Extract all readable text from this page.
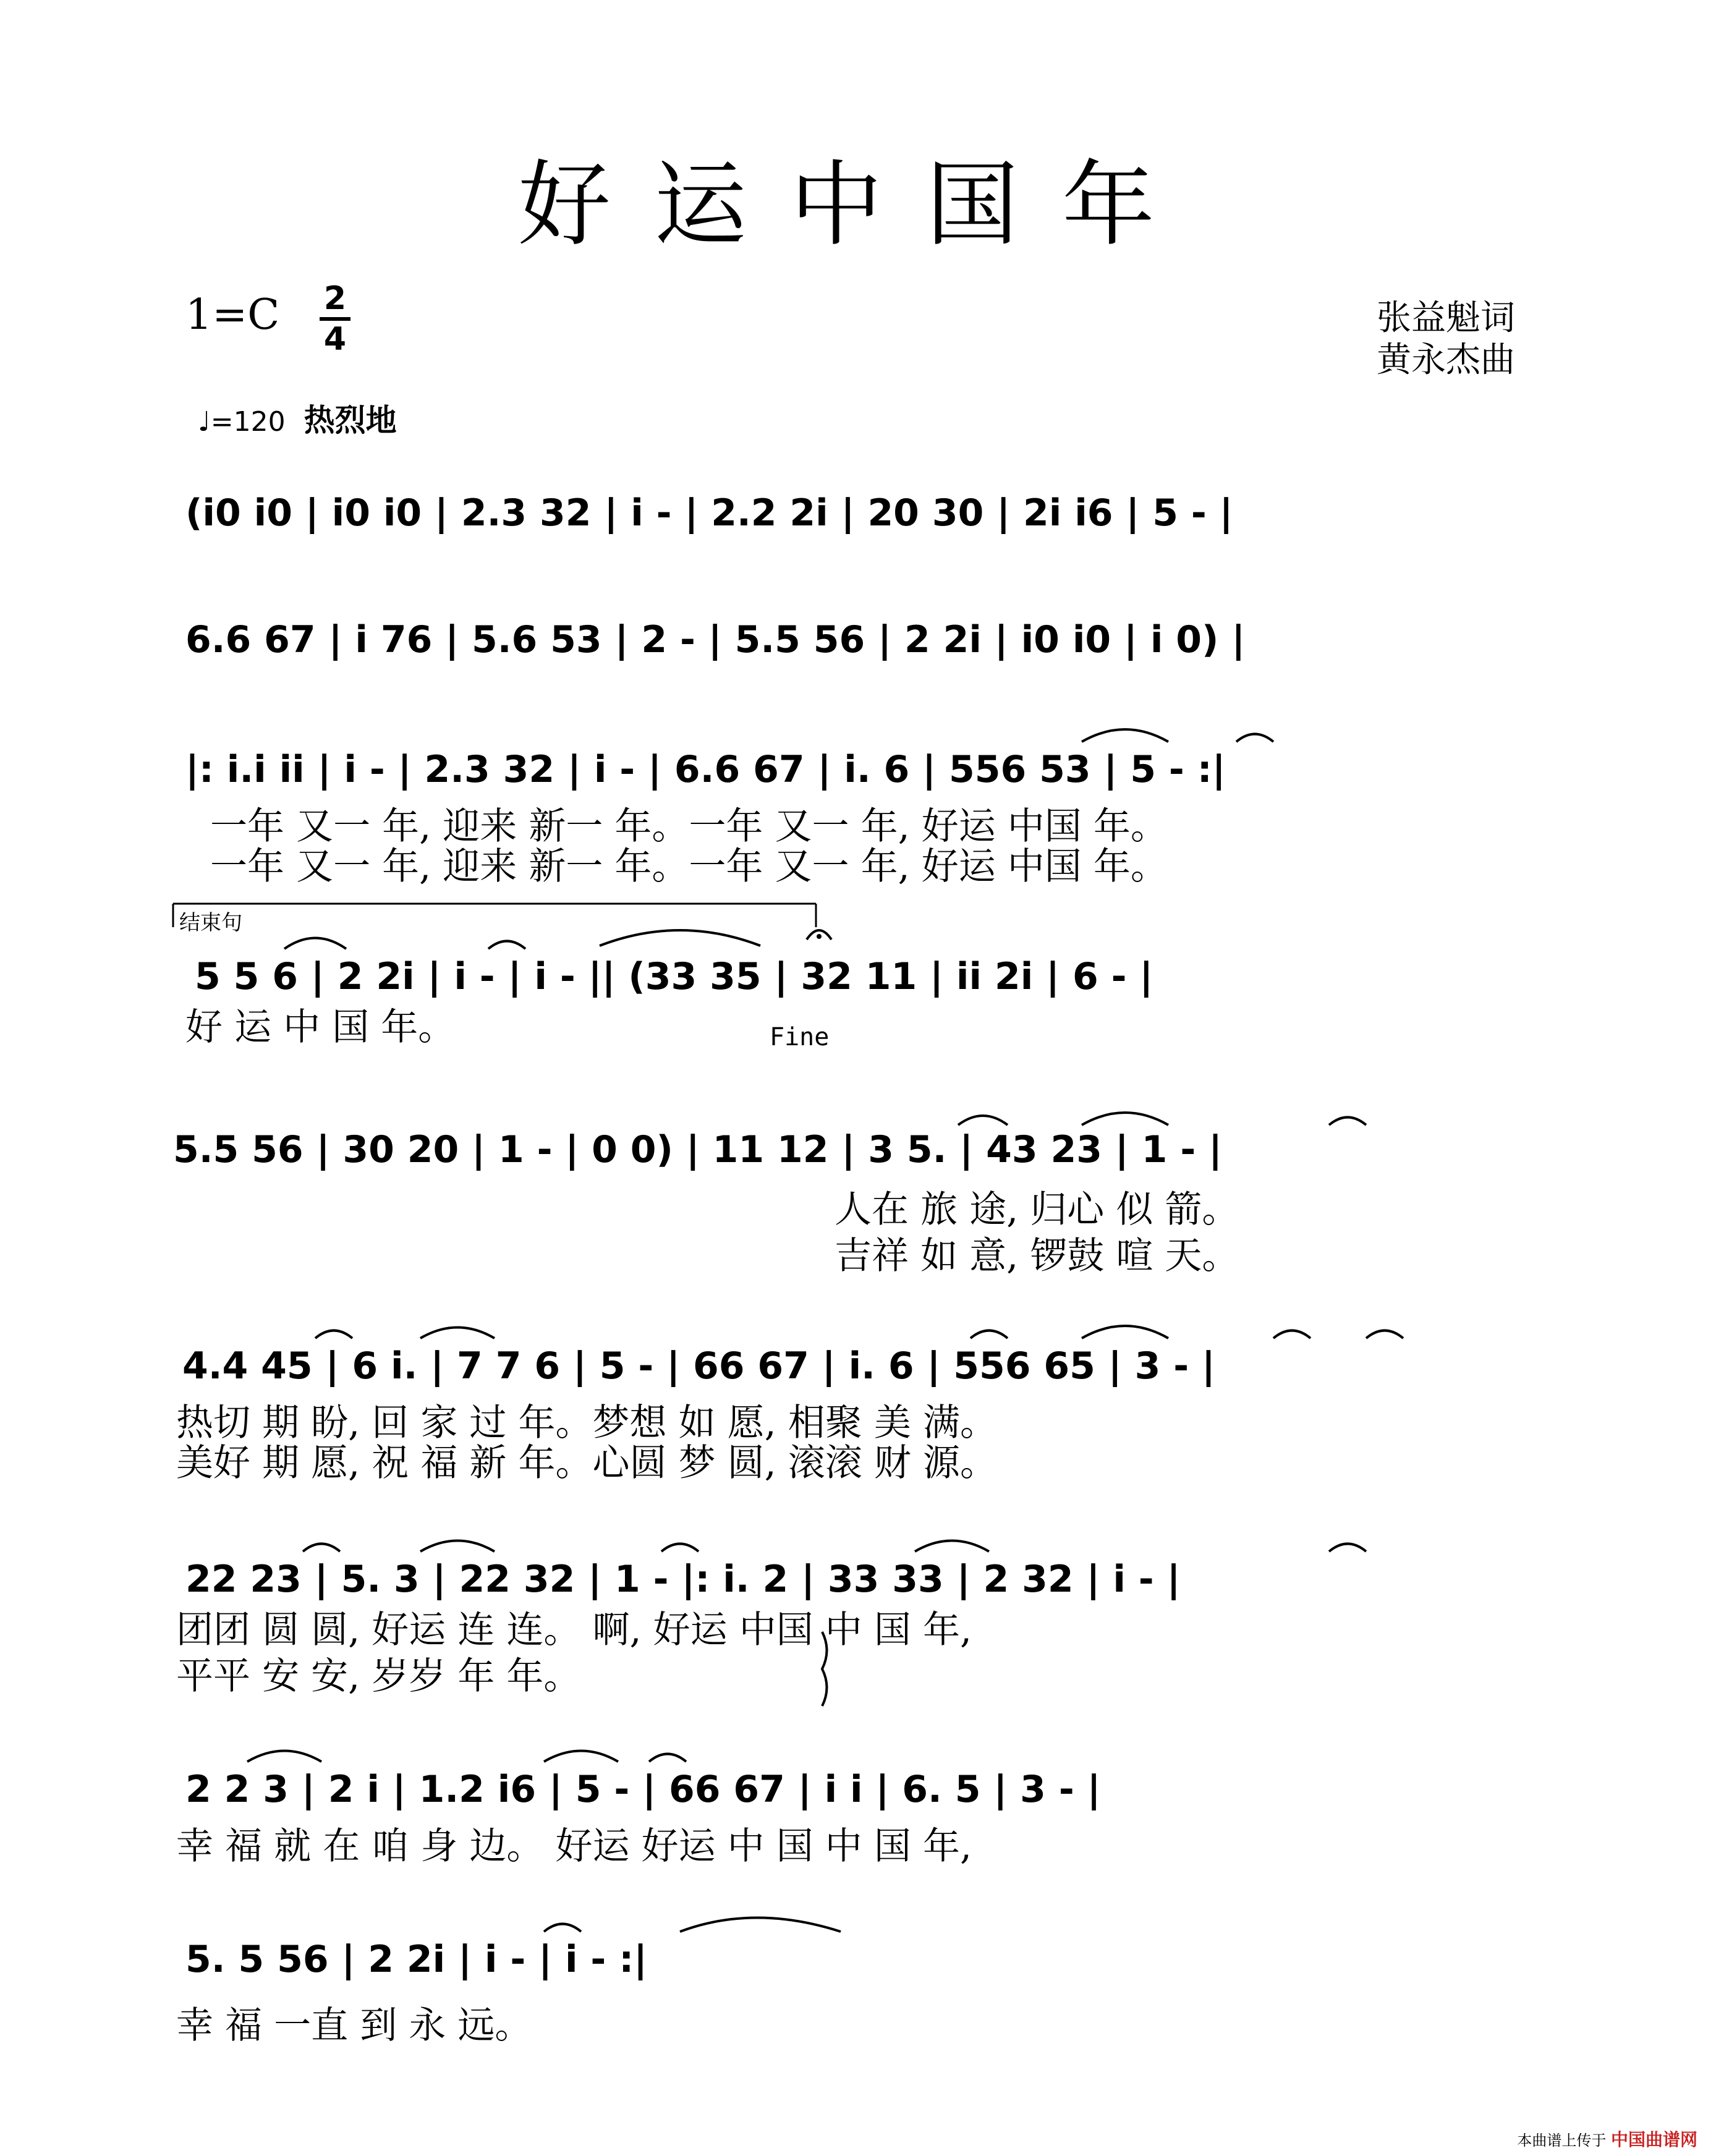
好运中国年
1=C 2
4
张益魁词
黄永杰曲
♩=120 热烈地
(i0 i0 | i0 i0 | 2.3 32 | i - | 2.2 2i | 20 30 | 2i i6 | 5 - |
6.6 67 | i 76 | 5.6 53 | 2 - | 5.5 56 | 2 2i | i0 i0 | i 0) |
|: i.i ii | i - | 2.3 32 | i - | 6.6 67 | i. 6 | 556 53 | 5 - :|
一年 又一 年, 迎来 新一 年。一年 又一 年, 好运 中国 年。
一年 又一 年, 迎来 新一 年。一年 又一 年, 好运 中国 年。
结束句
5 5 6 | 2 2i | i - | i - || (33 35 | 32 11 | ii 2i | 6 - |
好 运 中 国 年。	Fine
5.5 56 | 30 20 | 1 - | 0 0) | 11 12 | 3 5. | 43 23 | 1 - |
人在 旅 途, 归心 似 箭。
吉祥 如 意, 锣鼓 喧 天。
4.4 45 | 6 i. | 7 7 6 | 5 - | 66 67 | i. 6 | 556 65 | 3 - |
热切 期 盼, 回 家 过 年。梦想 如 愿, 相聚 美 满。
美好 期 愿, 祝 福 新 年。心圆 梦 圆, 滚滚 财 源。
22 23 | 5. 3 | 22 32 | 1 - |: i. 2 | 33 33 | 2 32 | i - |
团团 圆 圆, 好运 连 连。 啊, 好运 中国 中 国 年,
平平 安 安, 岁岁 年 年。
2 2 3 | 2 i | 1.2 i6 | 5 - | 66 67 | i i | 6. 5 | 3 - |
幸 福 就 在 咱 身 边。 好运 好运 中 国 中 国 年,
5. 5 56 | 2 2i | i - | i - :|
幸 福 一直 到 永 远。
本曲谱上传于 中国曲谱网
